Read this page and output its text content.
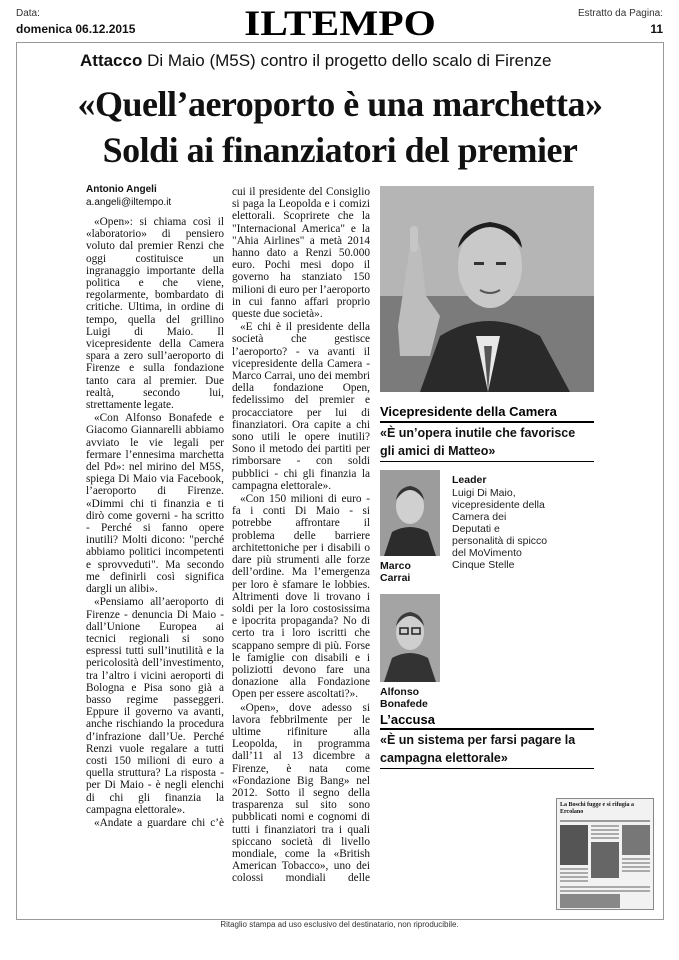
Data:
domenica 06.12.2015	ILTEMPO	Estratto da Pagina:
11
Attacco Di Maio (M5S) contro il progetto dello scalo di Firenze
«Quell’aeroporto è una marchetta»
Soldi ai finanziatori del premier
Antonio Angeli
a.angeli@iltempo.it

«Open»: si chiama così il «laboratorio» di pensiero voluto dal premier Renzi che oggi costituisce un ingranaggio importante della politica e che viene, regolarmente, bombardato di critiche. Ultima, in ordine di tempo, quella del grillino Luigi di Maio. Il vicepresidente della Camera spara a zero sull’aeroporto di Firenze e sulla fondazione tanto cara al premier. Due realtà, secondo lui, strettamente legate.

«Con Alfonso Bonafede e Giacomo Giannarelli abbiamo avviato le vie legali per fermare l’ennesima marchetta del Pd»: nel mirino del M5S, spiega Di Maio via Facebook, l’aeroporto di Firenze. «Dimmi chi ti finanzia e ti dirò come governi - ha scritto - Perché si fanno opere inutili? Molti dicono: "perché abbiamo politici incompetenti e sprovveduti". Ma secondo me definirli così significa dargli un alibi».

«Pensiamo all’aeroporto di Firenze - denuncia Di Maio - dall’Unione Europea ai tecnici regionali si sono espressi tutti sull’inutilità e la pericolosità dell’investimento, tra l’altro i vicini aeroporti di Bologna e Pisa sono già a basso regime passeggeri. Eppure il governo va avanti, anche rischiando la procedura d’infrazione dall’Ue. Perché Renzi vuole regalare a tutti costi 150 milioni di euro a quella struttura? La risposta - per Di Maio - è negli elenchi di chi gli finanzia la campagna elettorale».

«Andate a guardare chi c’è

cui il presidente del Consiglio si paga la Leopolda e i comizi elettorali. Scoprirete che la "Internacional America" e la "Ahia Airlines" a metà 2014 hanno dato a Renzi 50.000 euro. Pochi mesi dopo il governo ha stanziato 150 milioni di euro per l’aeroporto in cui fanno affari proprio queste due società».

«E chi è il presidente della società che gestisce l’aeroporto? - va avanti il vicepresidente della Camera - Marco Carrai, uno dei membri della fondazione Open, fedelissimo del premier e procacciatore per lui di finanziatori. Ora capite a chi sono utili le opere inutili? Sono il metodo dei partiti per rimborsare - con soldi pubblici - chi gli finanzia la campagna elettorale».

«Con 150 milioni di euro - fa i conti Di Maio - si potrebbe affrontare il problema delle barriere architettoniche per i disabili o dare più strumenti alle forze dell’ordine. Ma l’emergenza per loro è sfamare le lobbies. Altrimenti dove li trovano i soldi per la loro costosissima e ipocrita propaganda? No di certo tra i loro iscritti che scappano sempre di più. Forse le famiglie con disabili e i poliziotti devono fare una donazione alla Fondazione Open per essere ascoltati?».

«Open», dove adesso si lavora febbrilmente per le ultime rifiniture alla Leopolda, in programma dall’11 al 13 dicembre a Firenze, è nata come «Fondazione Big Bang» nel 2012. Sotto il segno della trasparenza sul sito sono pubblicati nomi e cognomi di tutti i finanziatori tra i quali spiccano società di livello mondiale, come la «British American Tobacco», uno dei colossi mondiali delle

Vicepresidente della Camera
«È un’opera inutile che favorisce gli amici di Matteo»
Marco Carrai
Leader
Luigi Di Maio, vicepresidente della Camera dei Deputati e personalità di spicco del MoVimento Cinque Stelle
Alfonso Bonafede
L’accusa
«È un sistema per farsi pagare la campagna elettorale»
La Boschi fugge e si rifugia a Ercolano
Ritaglio stampa ad uso esclusivo del destinatario, non riproducibile.
